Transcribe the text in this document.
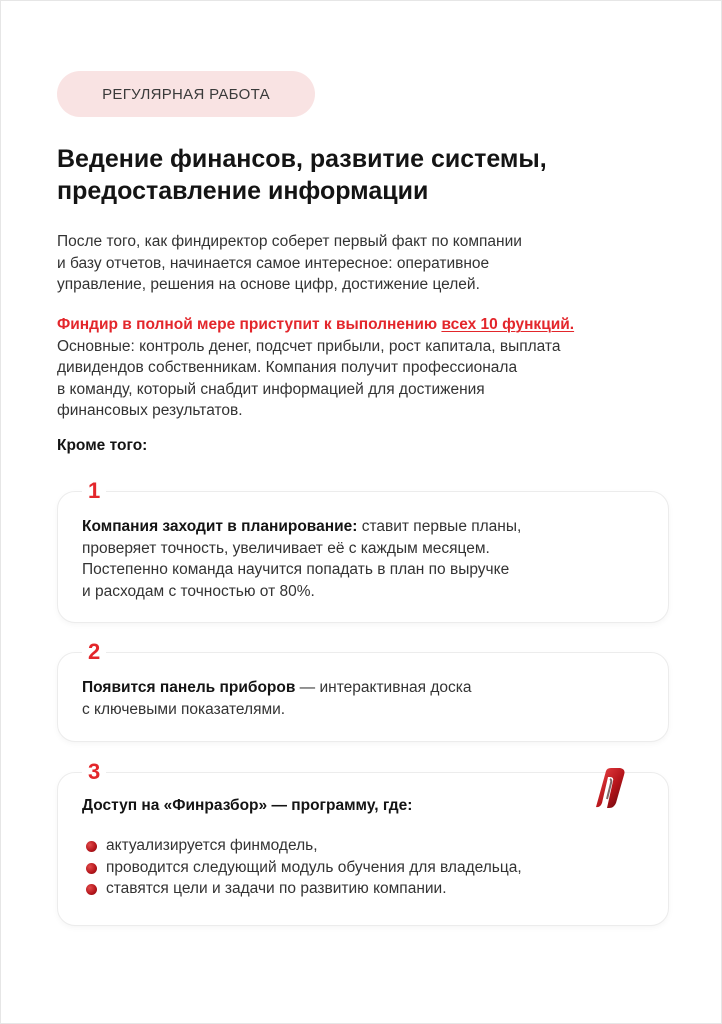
РЕГУЛЯРНАЯ РАБОТА
Ведение финансов, развитие системы,
предоставление информации

После того, как финдиректор соберет первый факт по компании
и базу отчетов, начинается самое интересное: оперативное
управление, решения на основе цифр, достижение целей.

Финдир в полной мере приступит к выполнению всех 10 функций.
Основные: контроль денег, подсчет прибыли, рост капитала, выплата
дивидендов собственникам. Компания получит профессионала
в команду, который снабдит информацией для достижения
финансовых результатов.

Кроме того:

1

Компания заходит в планирование: ставит первые планы,
проверяет точность, увеличивает её с каждым месяцем.
Постепенно команда научится попадать в план по выручке
и расходам с точностью от 80%.

2

Появится панель приборов — интерактивная доска
с ключевыми показателями.

3

Доступ на «Финразбор» — программу, где:

актуализируется финмодель,
проводится следующий модуль обучения для владельца,
ставятся цели и задачи по развитию компании.
